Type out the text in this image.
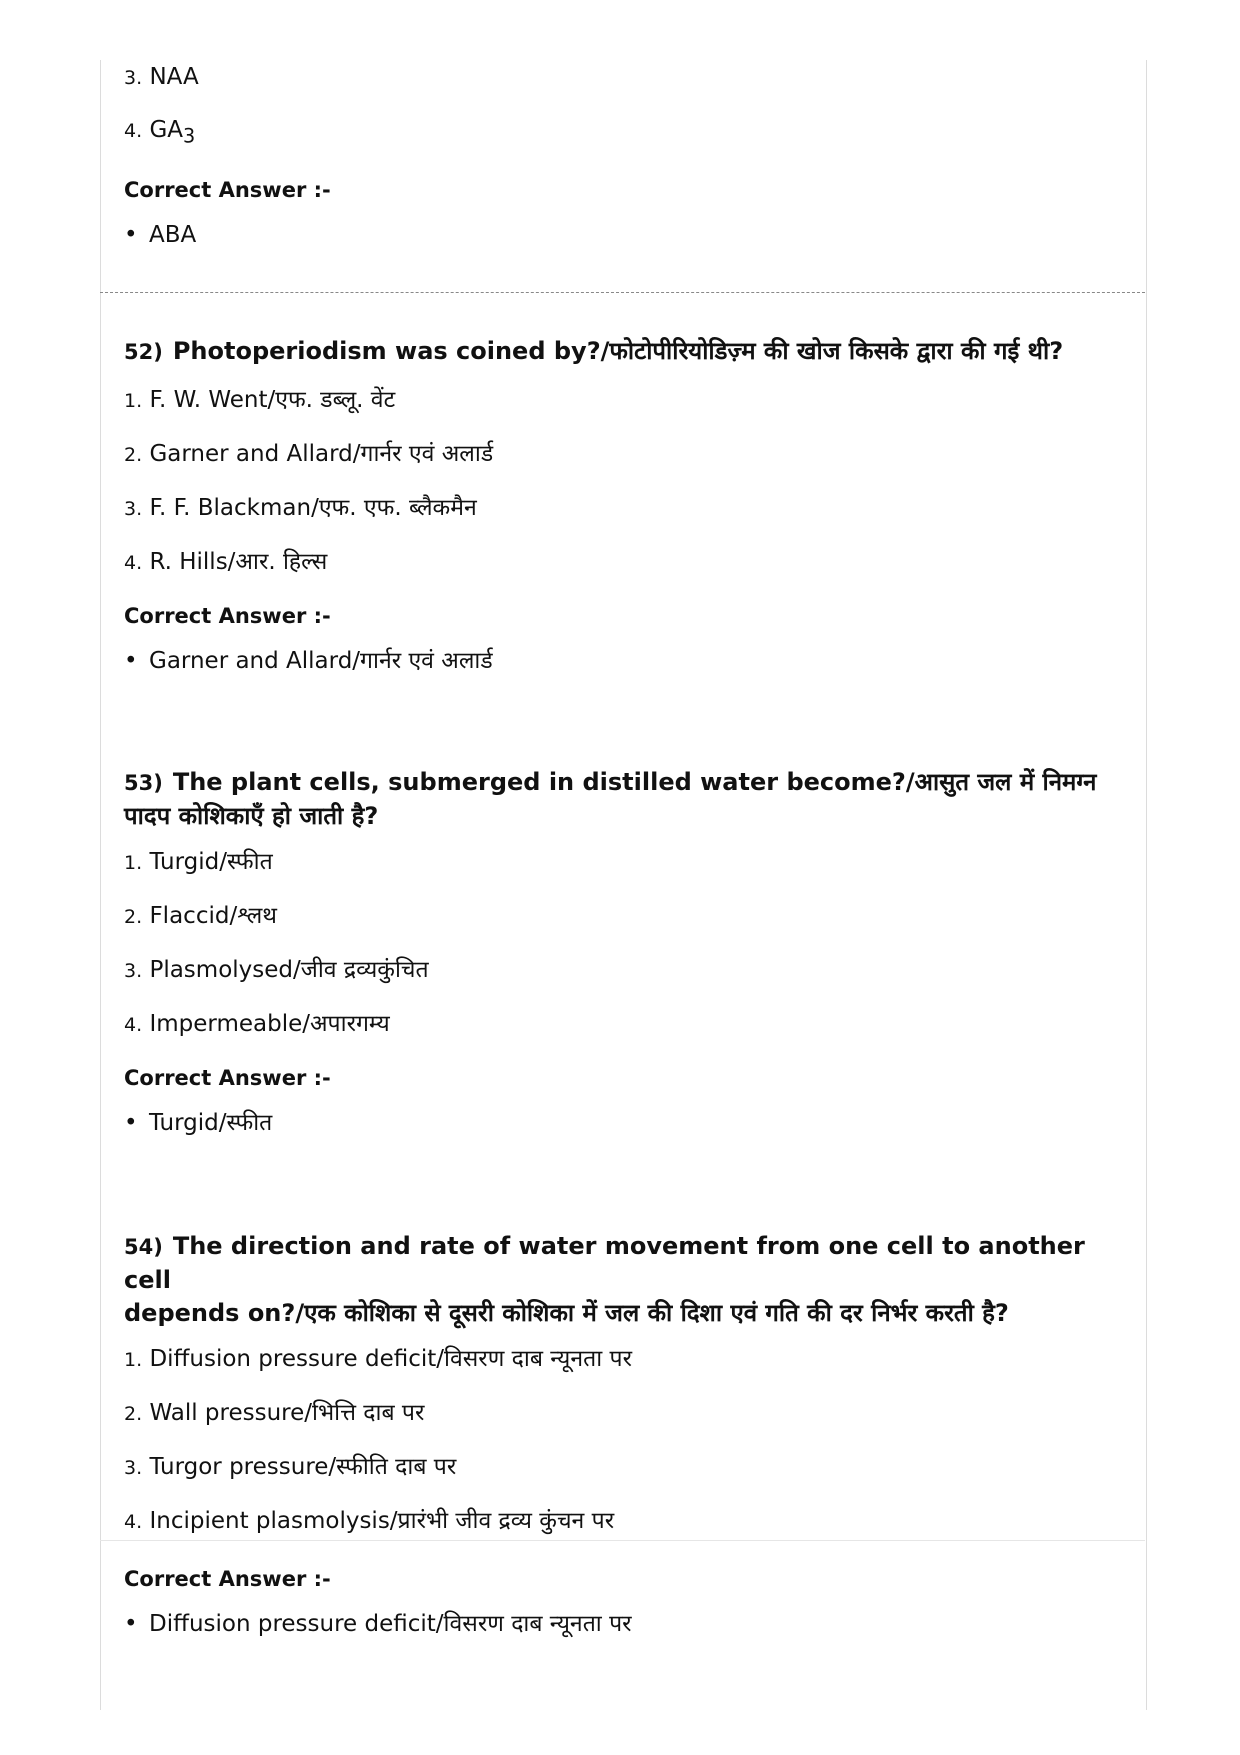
3. NAA

4. $GA_3$

Correct Answer :-

• ABA

52) Photoperiodism was coined by?/फोटोपीरियोडिज़्म की खोज किसके द्वारा की गई थी?

1. F. W. Went/एफ. डब्लू. वेंट

2. Garner and Allard/गार्नर एवं अलार्ड

3. F. F. Blackman/एफ. एफ. ब्लैकमैन

4. R. Hills/आर. हिल्स

Correct Answer :-

• Garner and Allard/गार्नर एवं अलार्ड

53) The plant cells, submerged in distilled water become?/आसुत जल में निमग्न
पादप कोशिकाएँ हो जाती है?

1. Turgid/स्फीत

2. Flaccid/श्लथ

3. Plasmolysed/जीव द्रव्यकुंचित

4. Impermeable/अपारगम्य

Correct Answer :-

• Turgid/स्फीत

54) The direction and rate of water movement from one cell to another cell
depends on?/एक कोशिका से दूसरी कोशिका में जल की दिशा एवं गति की दर निर्भर करती है?

1. Diffusion pressure deficit/विसरण दाब न्यूनता पर

2. Wall pressure/भित्ति दाब पर

3. Turgor pressure/स्फीति दाब पर

4. Incipient plasmolysis/प्रारंभी जीव द्रव्य कुंचन पर

Correct Answer :-

• Diffusion pressure deficit/विसरण दाब न्यूनता पर
